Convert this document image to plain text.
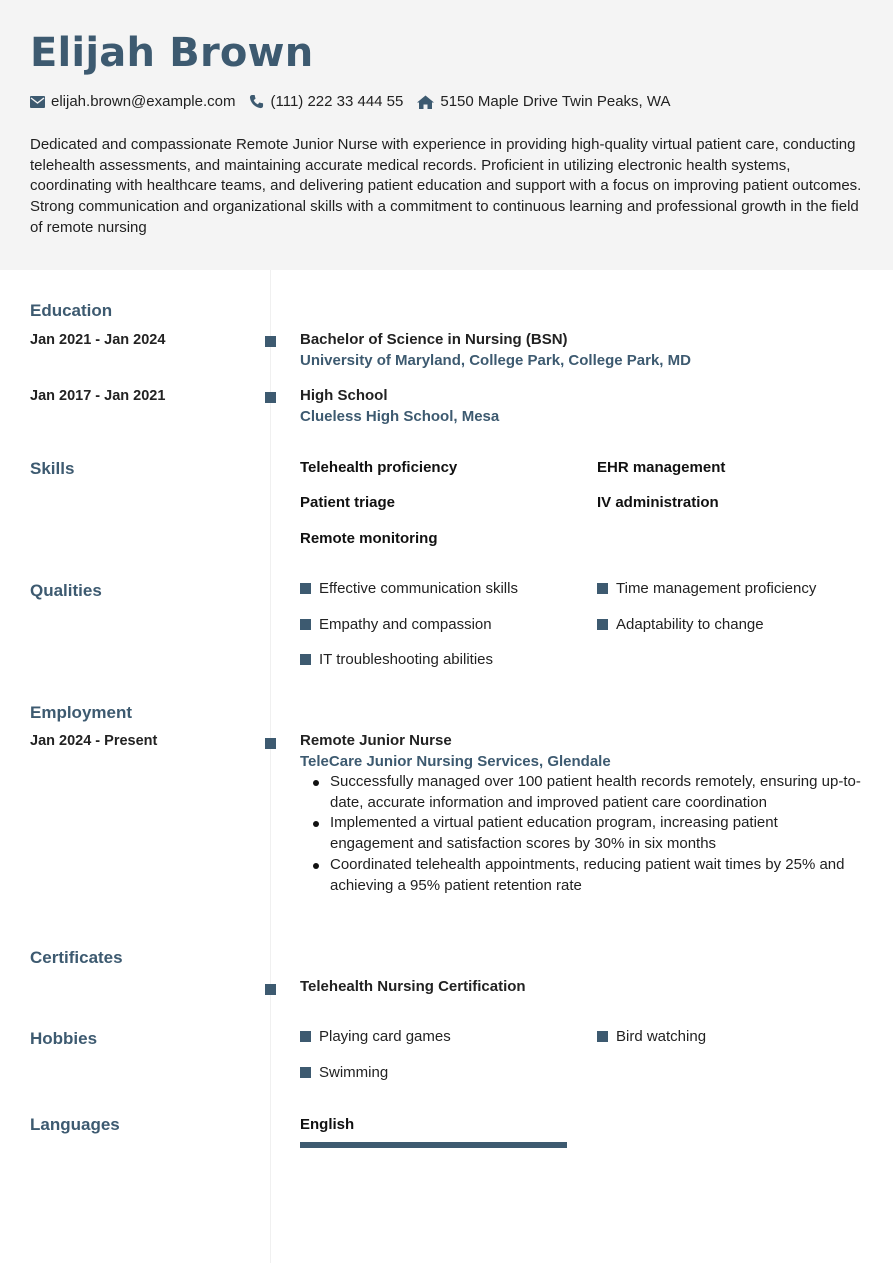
Elijah Brown
elijah.brown@example.com (111) 222 33 444 55 5150 Maple Drive Twin Peaks, WA

Dedicated and compassionate Remote Junior Nurse with experience in providing high-quality virtual patient care, conducting telehealth assessments, and maintaining accurate medical records. Proficient in utilizing electronic health systems, coordinating with healthcare teams, and delivering patient education and support with a focus on improving patient outcomes. Strong communication and organizational skills with a commitment to continuous learning and professional growth in the field of remote nursing

Education
Jan 2021 - Jan 2024	Bachelor of Science in Nursing (BSN)
University of Maryland, College Park, College Park, MD
Jan 2017 - Jan 2021	High School
Clueless High School, Mesa
Skills	Telehealth proficiency	EHR management
Patient triage	IV administration
Remote monitoring
Qualities	Effective communication skills	Time management proficiency
Empathy and compassion	Adaptability to change
IT troubleshooting abilities
Employment
Jan 2024 - Present	Remote Junior Nurse
TeleCare Junior Nursing Services, Glendale
Successfully managed over 100 patient health records remotely, ensuring up-to-date, accurate information and improved patient care coordination
Implemented a virtual patient education program, increasing patient engagement and satisfaction scores by 30% in six months
Coordinated telehealth appointments, reducing patient wait times by 25% and achieving a 95% patient retention rate
Certificates
Telehealth Nursing Certification
Hobbies	Playing card games	Bird watching
Swimming
Languages	English
